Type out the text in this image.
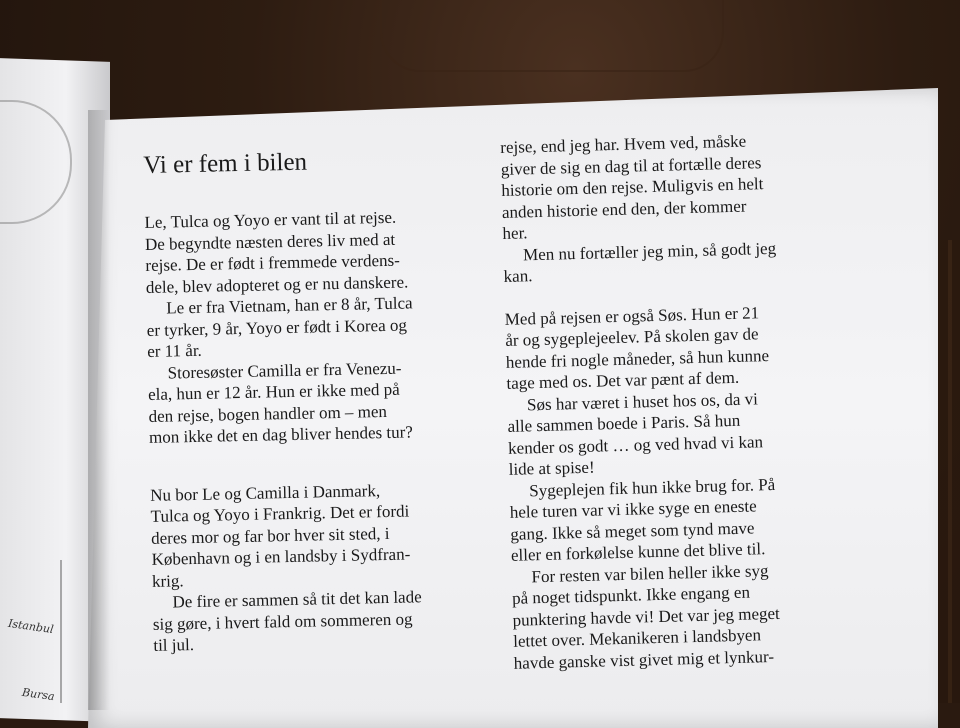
Istanbul
Bursa
Vi er fem i bilen
Le, Tulca og Yoyo er vant til at rejse.
De begyndte næsten deres liv med at
rejse. De er født i fremmede verdens-
dele, blev adopteret og er nu danskere.
Le er fra Vietnam, han er 8 år, Tulca
er tyrker, 9 år, Yoyo er født i Korea og
er 11 år.
Storesøster Camilla er fra Venezu-
ela, hun er 12 år. Hun er ikke med på
den rejse, bogen handler om – men
mon ikke det en dag bliver hendes tur?
Nu bor Le og Camilla i Danmark,
Tulca og Yoyo i Frankrig. Det er fordi
deres mor og far bor hver sit sted, i
København og i en landsby i Sydfran-
krig.
De fire er sammen så tit det kan lade
sig gøre, i hvert fald om sommeren og
til jul.
rejse, end jeg har. Hvem ved, måske
giver de sig en dag til at fortælle deres
historie om den rejse. Muligvis en helt
anden historie end den, der kommer
her.
Men nu fortæller jeg min, så godt jeg
kan.
Med på rejsen er også Søs. Hun er 21
år og sygeplejeelev. På skolen gav de
hende fri nogle måneder, så hun kunne
tage med os. Det var pænt af dem.
Søs har været i huset hos os, da vi
alle sammen boede i Paris. Så hun
kender os godt … og ved hvad vi kan
lide at spise!
Sygeplejen fik hun ikke brug for. På
hele turen var vi ikke syge en eneste
gang. Ikke så meget som tynd mave
eller en forkølelse kunne det blive til.
For resten var bilen heller ikke syg
på noget tidspunkt. Ikke engang en
punktering havde vi! Det var jeg meget
lettet over. Mekanikeren i landsbyen
havde ganske vist givet mig et lynkur-
